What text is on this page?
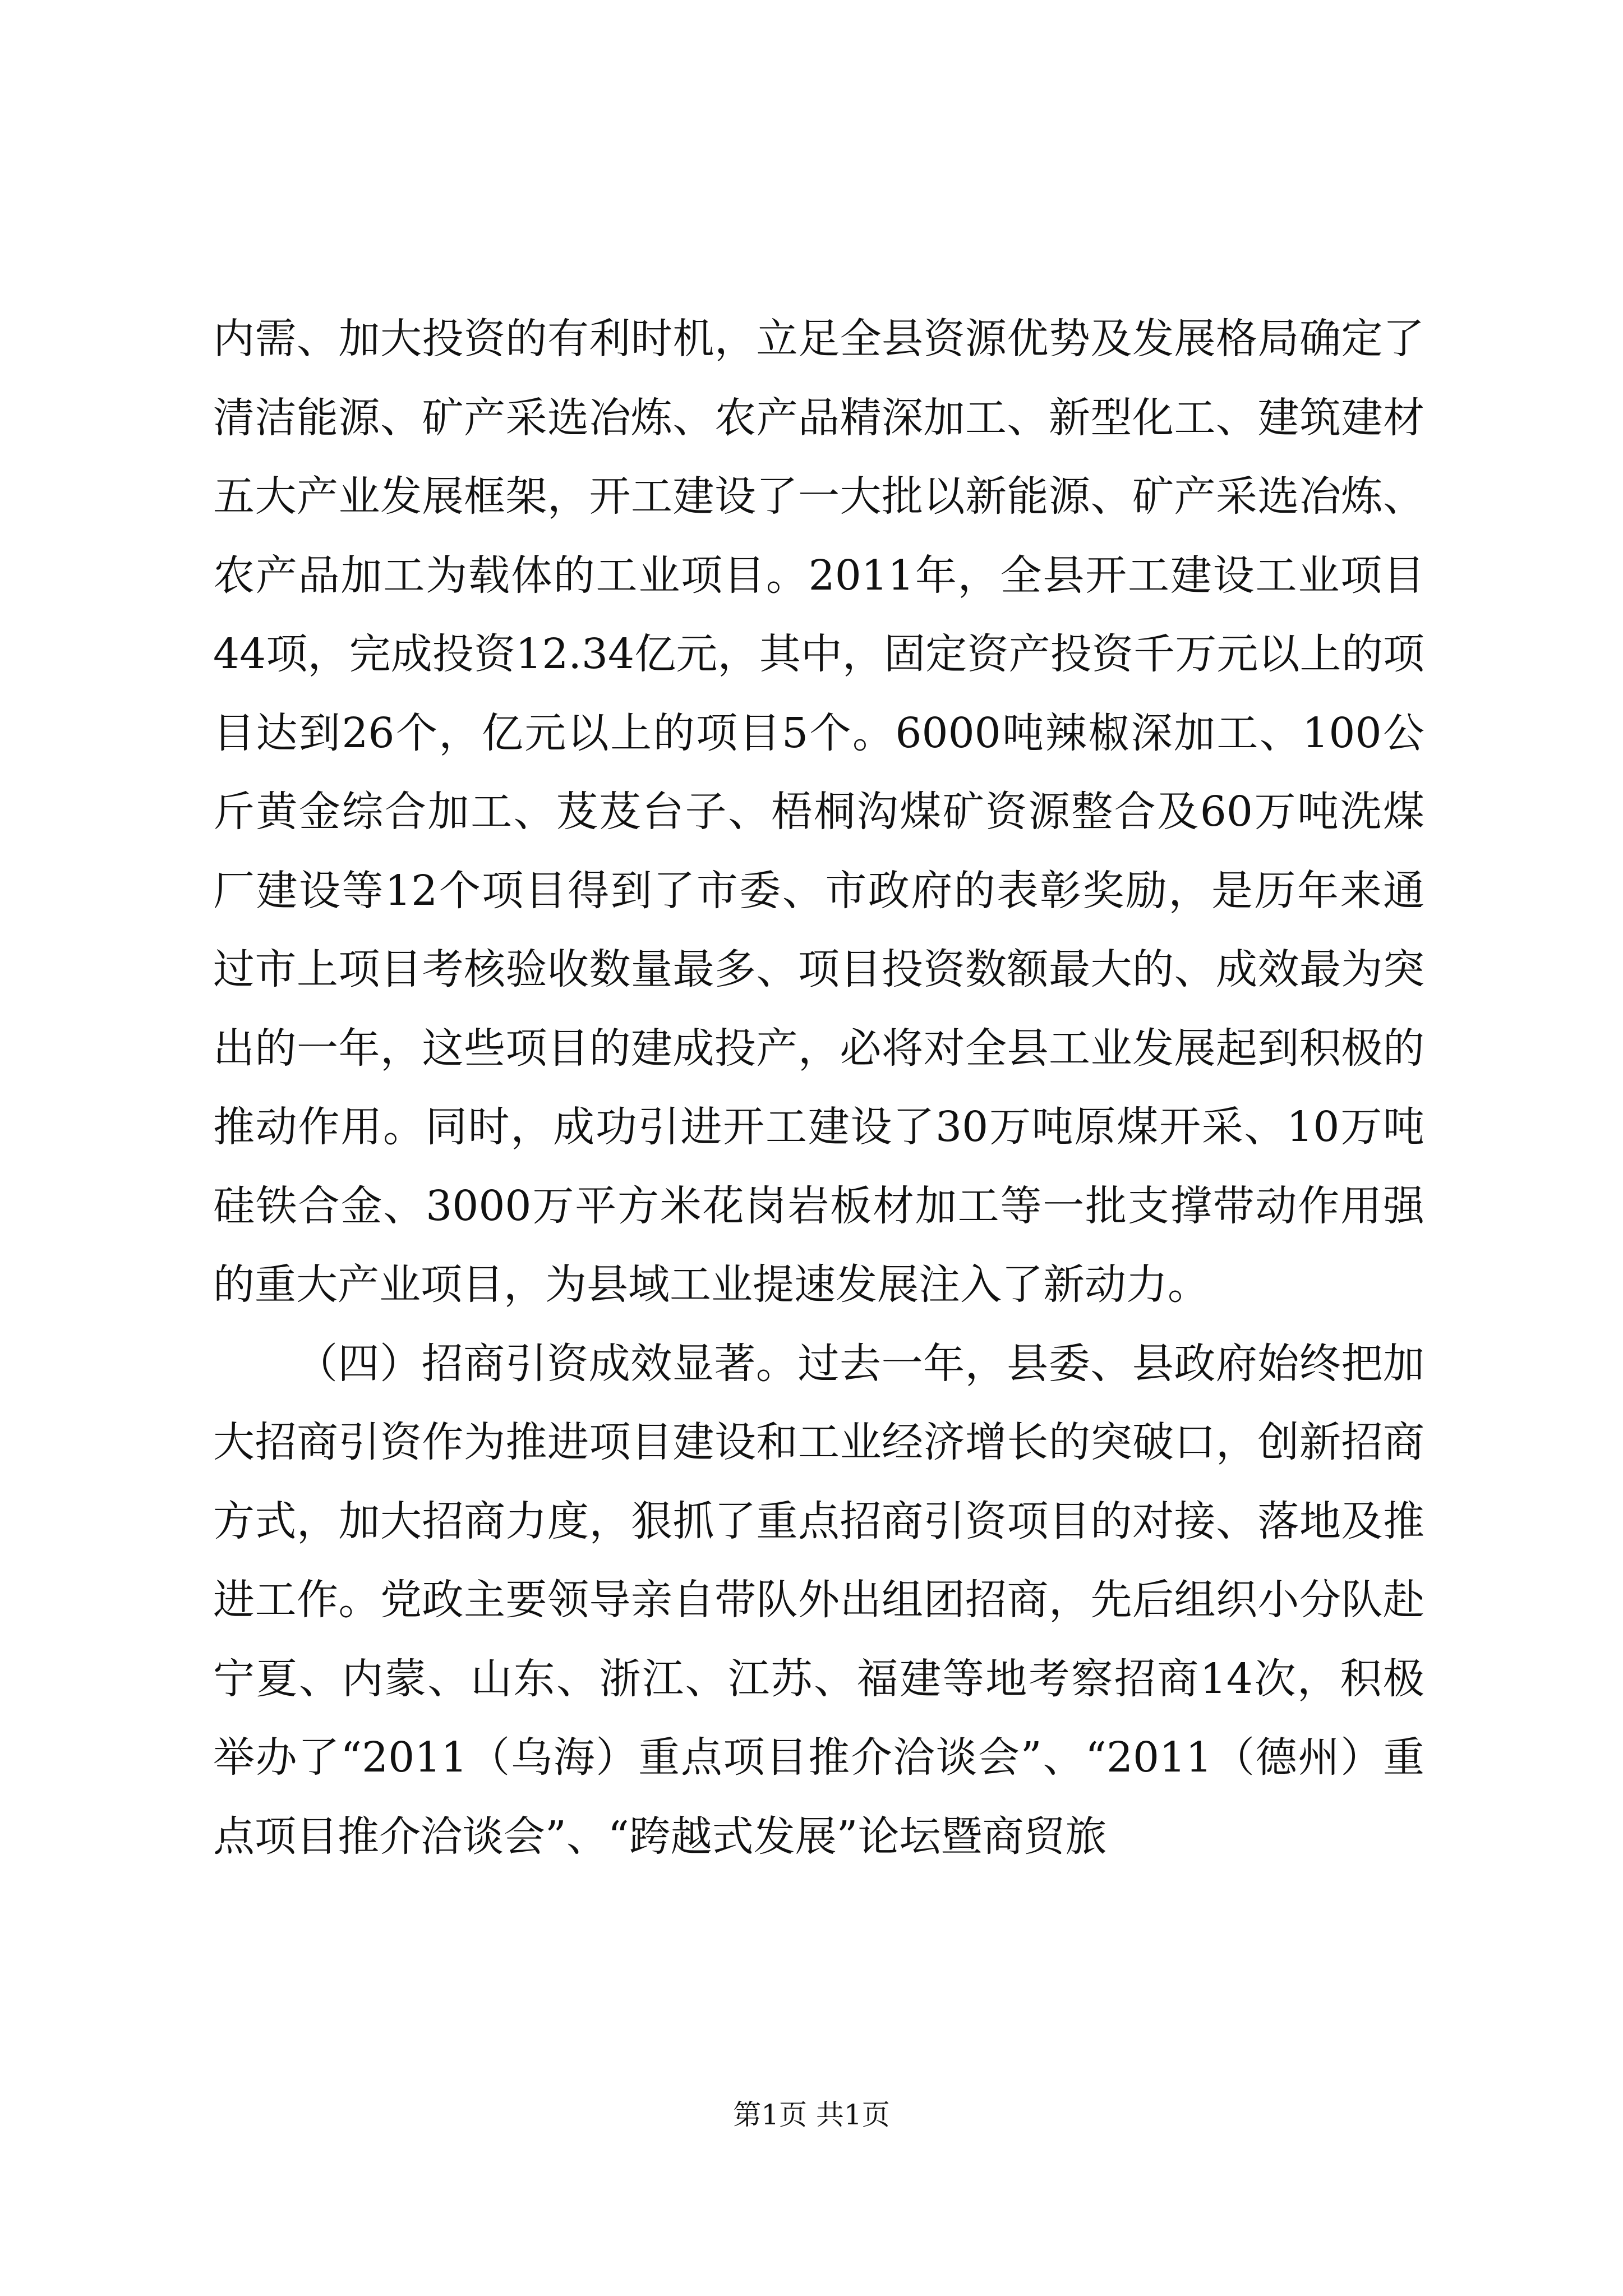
内需、加大投资的有利时机，立足全县资源优势及发展格局确定了清洁能源、矿产采选冶炼、农产品精深加工、新型化工、建筑建材五大产业发展框架，开工建设了一大批以新能源、矿产采选冶炼、农产品加工为载体的工业项目。2011年，全县开工建设工业项目44项，完成投资12.34亿元，其中，固定资产投资千万元以上的项目达到26个，亿元以上的项目5个。6000吨辣椒深加工、100公斤黄金综合加工、芨芨台子、梧桐沟煤矿资源整合及60万吨洗煤厂建设等12个项目得到了市委、市政府的表彰奖励，是历年来通过市上项目考核验收数量最多、项目投资数额最大的、成效最为突出的一年，这些项目的建成投产，必将对全县工业发展起到积极的推动作用。同时，成功引进开工建设了30万吨原煤开采、10万吨硅铁合金、3000万平方米花岗岩板材加工等一批支撑带动作用强的重大产业项目，为县域工业提速发展注入了新动力。

（四）招商引资成效显著。过去一年，县委、县政府始终把加大招商引资作为推进项目建设和工业经济增长的突破口，创新招商方式，加大招商力度，狠抓了重点招商引资项目的对接、落地及推进工作。党政主要领导亲自带队外出组团招商，先后组织小分队赴宁夏、内蒙、山东、浙江、江苏、福建等地考察招商14次，积极举办了“2011（乌海）重点项目推介洽谈会”、“2011（德州）重点项目推介洽谈会”、“跨越式发展”论坛暨商贸旅

第1页 共1页
